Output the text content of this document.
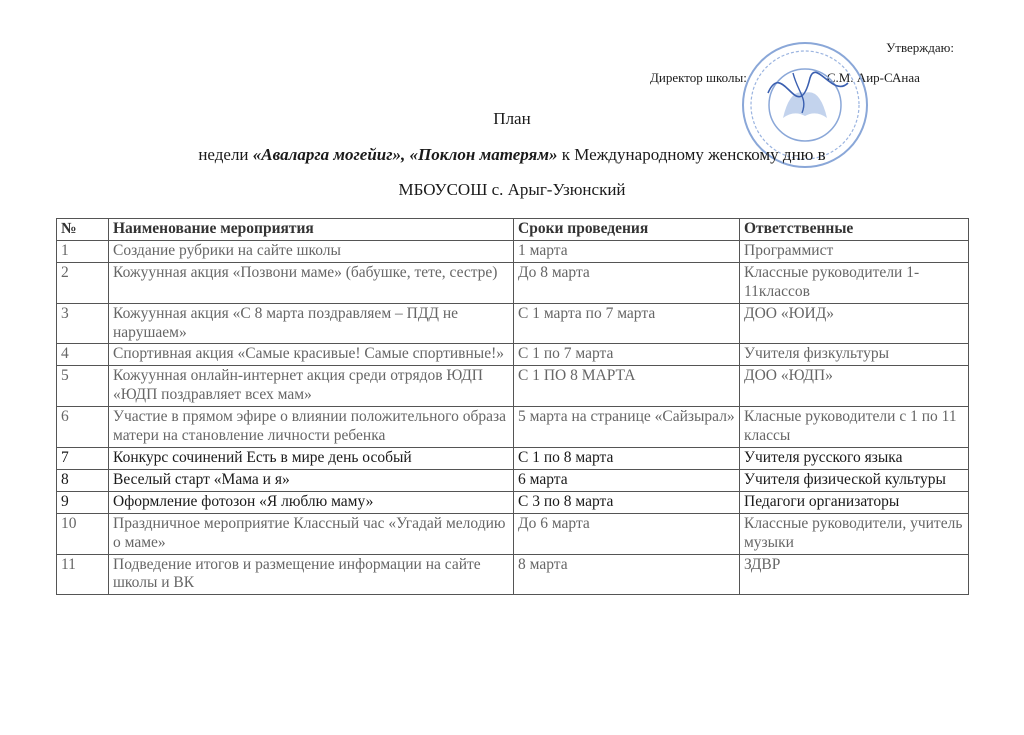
Утверждаю:
Директор школы:	С.М. Аир-САнаа
План
недели «Аваларга могейиг», «Поклон матерям» к Международному женскому дню в
МБОУСОШ с. Арыг-Узюнский
№	Наименование мероприятия	Сроки проведения	Ответственные
1	Создание рубрики на сайте школы	1 марта	Программист
2	Кожуунная акция «Позвони маме» (бабушке, тете, сестре)	До 8 марта	Классные руководители 1-11классов
3	Кожуунная акция «С 8 марта поздравляем – ПДД не нарушаем»	С 1 марта по 7 марта	ДОО «ЮИД»
4	Спортивная акция «Самые красивые! Самые спортивные!»	С 1 по 7 марта	Учителя физкультуры
5	Кожуунная онлайн-интернет акция среди отрядов ЮДП «ЮДП поздравляет всех мам»	С 1 ПО 8 МАРТА	ДОО «ЮДП»
6	Участие в прямом эфире о влиянии положительного образа матери на становление личности ребенка	5 марта на странице «Сайзырал»	Класные руководители с 1 по 11 классы
7	Конкурс сочинений Есть в мире день особый	С 1 по 8 марта	Учителя русского языка
8	Веселый старт «Мама и я»	6 марта	Учителя физической культуры
9	Оформление фотозон «Я люблю маму»	С 3 по 8 марта	Педагоги организаторы
10	Праздничное мероприятие Классный час «Угадай мелодию о маме»	До 6 марта	Классные руководители, учитель музыки
11	Подведение итогов и размещение информации на сайте школы и ВК	8 марта	ЗДВР
